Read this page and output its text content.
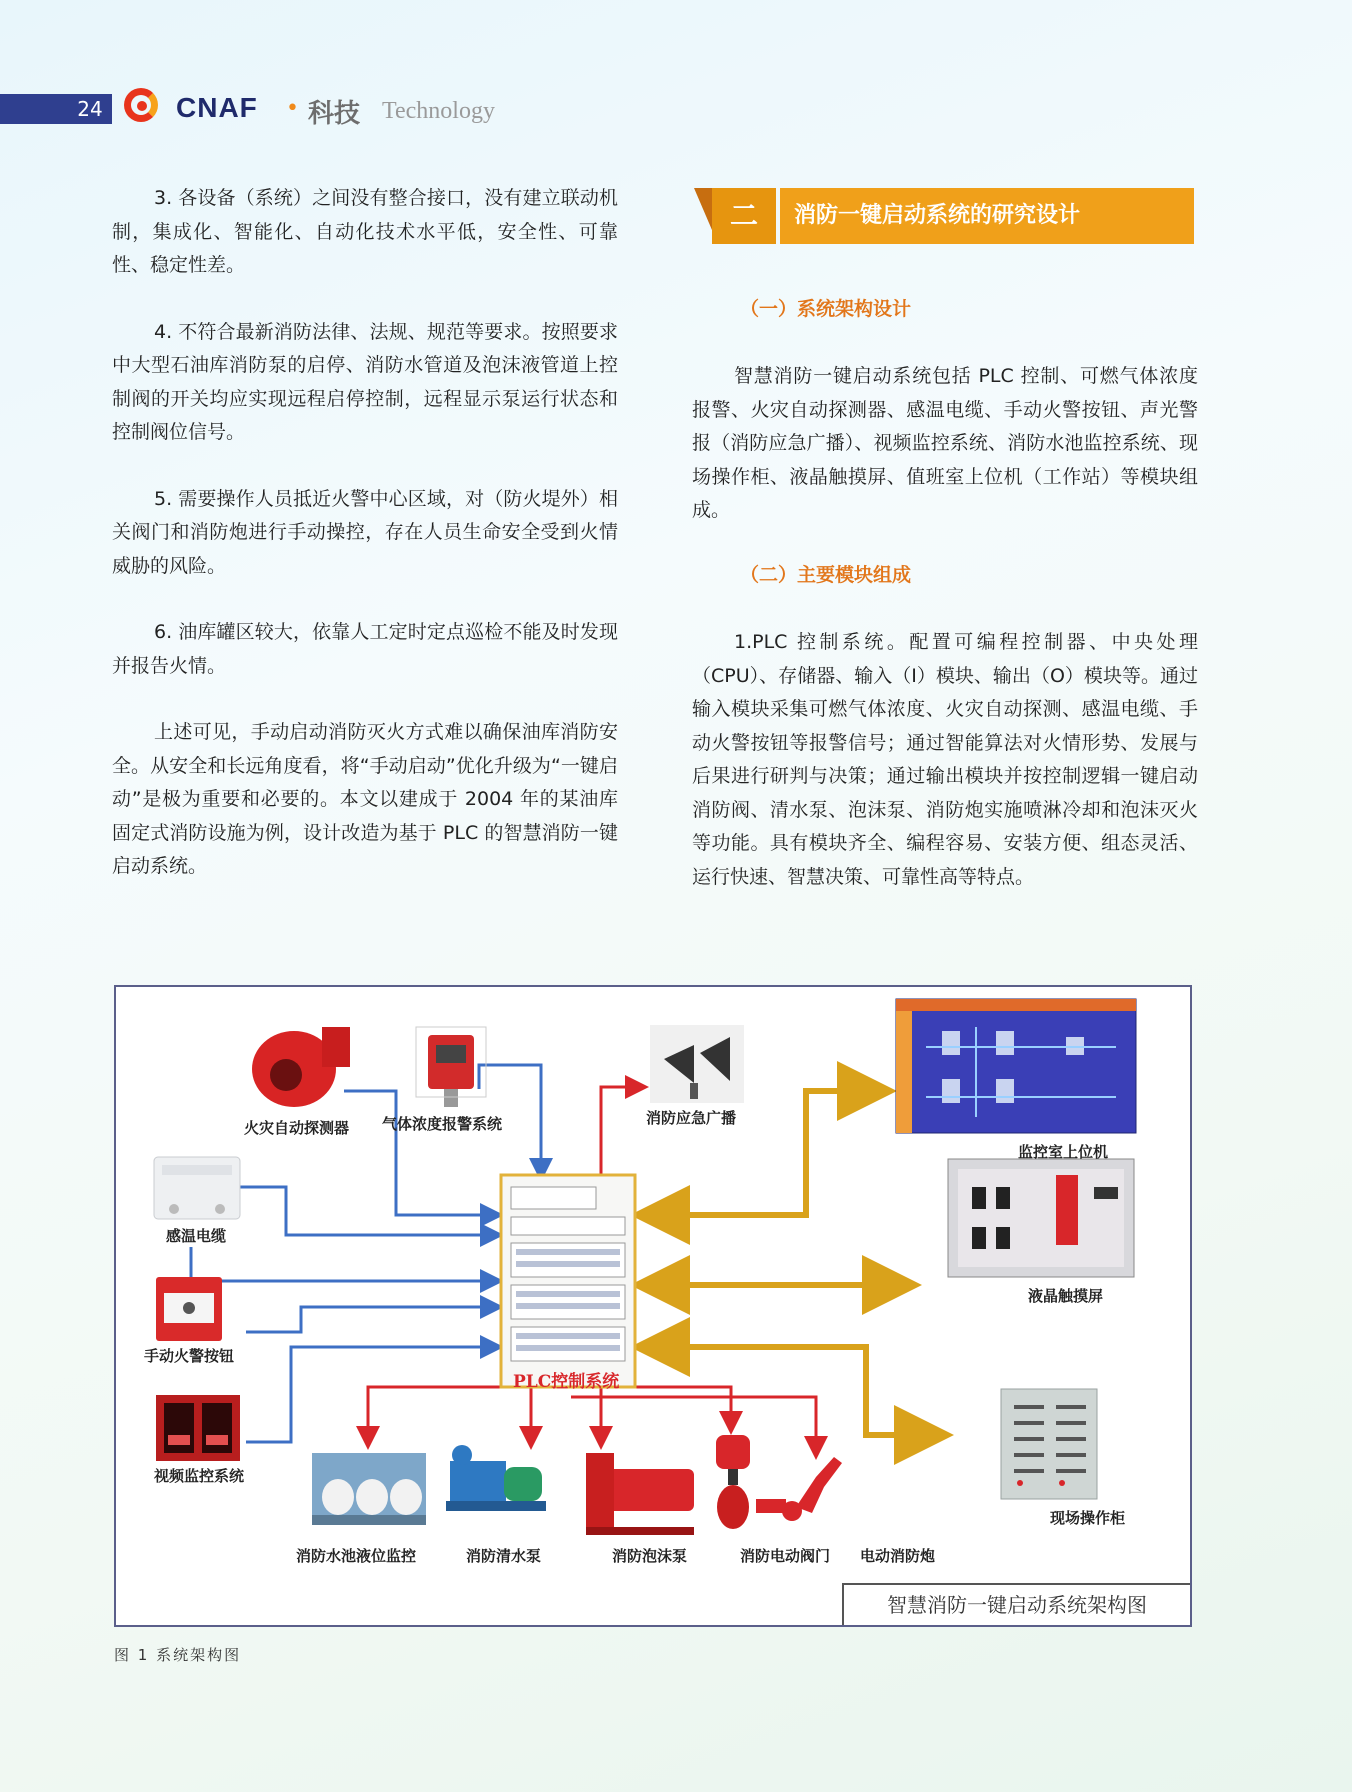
24	CNAF • 科技 Technology

3. 各设备（系统）之间没有整合接口，没有建立联动机制，集成化、智能化、自动化技术水平低，安全性、可靠性、稳定性差。

4. 不符合最新消防法律、法规、规范等要求。按照要求中大型石油库消防泵的启停、消防水管道及泡沫液管道上控制阀的开关均应实现远程启停控制，远程显示泵运行状态和控制阀位信号。

5. 需要操作人员抵近火警中心区域，对（防火堤外）相关阀门和消防炮进行手动操控，存在人员生命安全受到火情威胁的风险。

6. 油库罐区较大，依靠人工定时定点巡检不能及时发现并报告火情。

上述可见，手动启动消防灭火方式难以确保油库消防安全。从安全和长远角度看，将“手动启动”优化升级为“一键启动”是极为重要和必要的。本文以建成于 2004 年的某油库固定式消防设施为例，设计改造为基于 PLC 的智慧消防一键启动系统。

二	消防一键启动系统的研究设计
（一）系统架构设计

智慧消防一键启动系统包括 PLC 控制、可燃气体浓度报警、火灾自动探测器、感温电缆、手动火警按钮、声光警报（消防应急广播）、视频监控系统、消防水池监控系统、现场操作柜、液晶触摸屏、值班室上位机（工作站）等模块组成。

（二）主要模块组成

1.PLC 控制系统。配置可编程控制器、中央处理（CPU）、存储器、输入（I）模块、输出（O）模块等。通过输入模块采集可燃气体浓度、火灾自动探测、感温电缆、手动火警按钮等报警信号；通过智能算法对火情形势、发展与后果进行研判与决策；通过输出模块并按控制逻辑一键启动消防阀、清水泵、泡沫泵、消防炮实施喷淋冷却和泡沫灭火等功能。具有模块齐全、编程容易、安装方便、组态灵活、运行快速、智慧决策、可靠性高等特点。

火灾自动探测器 气体浓度报警系统
感温电缆
手动火警按钮
视频监控系统
消防应急广播
PLC控制系统
监控室上位机
液晶触摸屏
现场操作柜
消防水池液位监控	消防清水泵	消防泡沫泵	消防电动阀门 电动消防炮
智慧消防一键启动系统架构图
图 1 系统架构图
